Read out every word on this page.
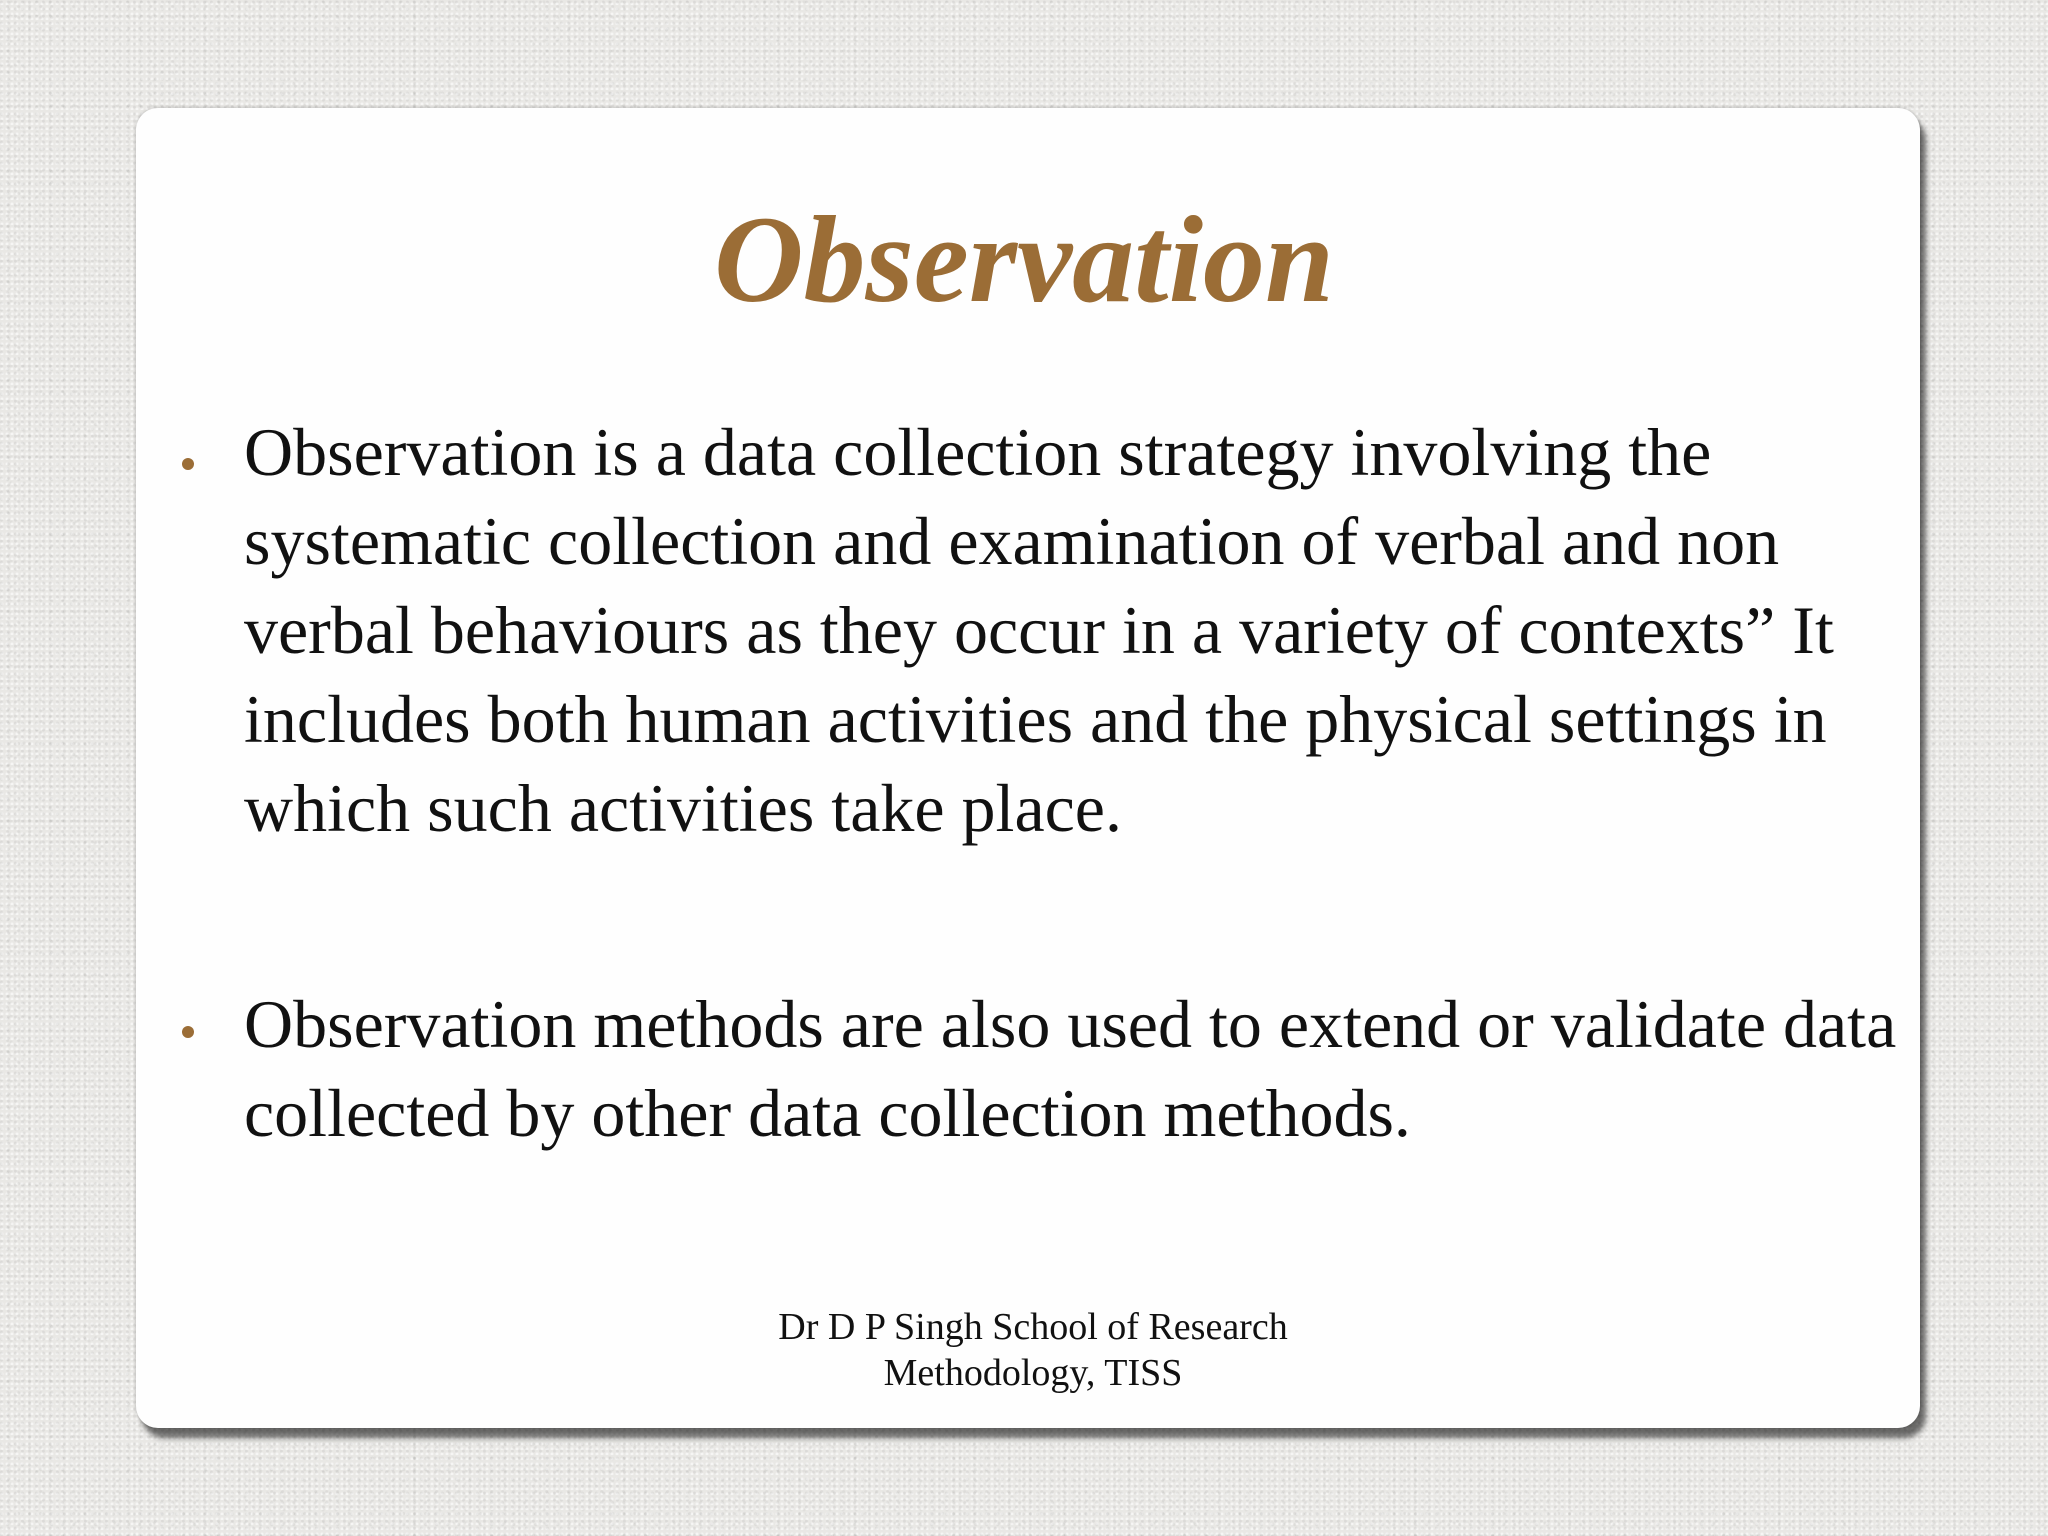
Observation

Observation is a data collection strategy involving the systematic collection and examination of verbal and non verbal behaviours as they occur in a variety of contexts” It includes both human activities and the physical settings in which such activities take place.

Observation methods are also used to extend or validate data collected by other data collection methods.

Dr D P Singh School of Research
Methodology, TISS
